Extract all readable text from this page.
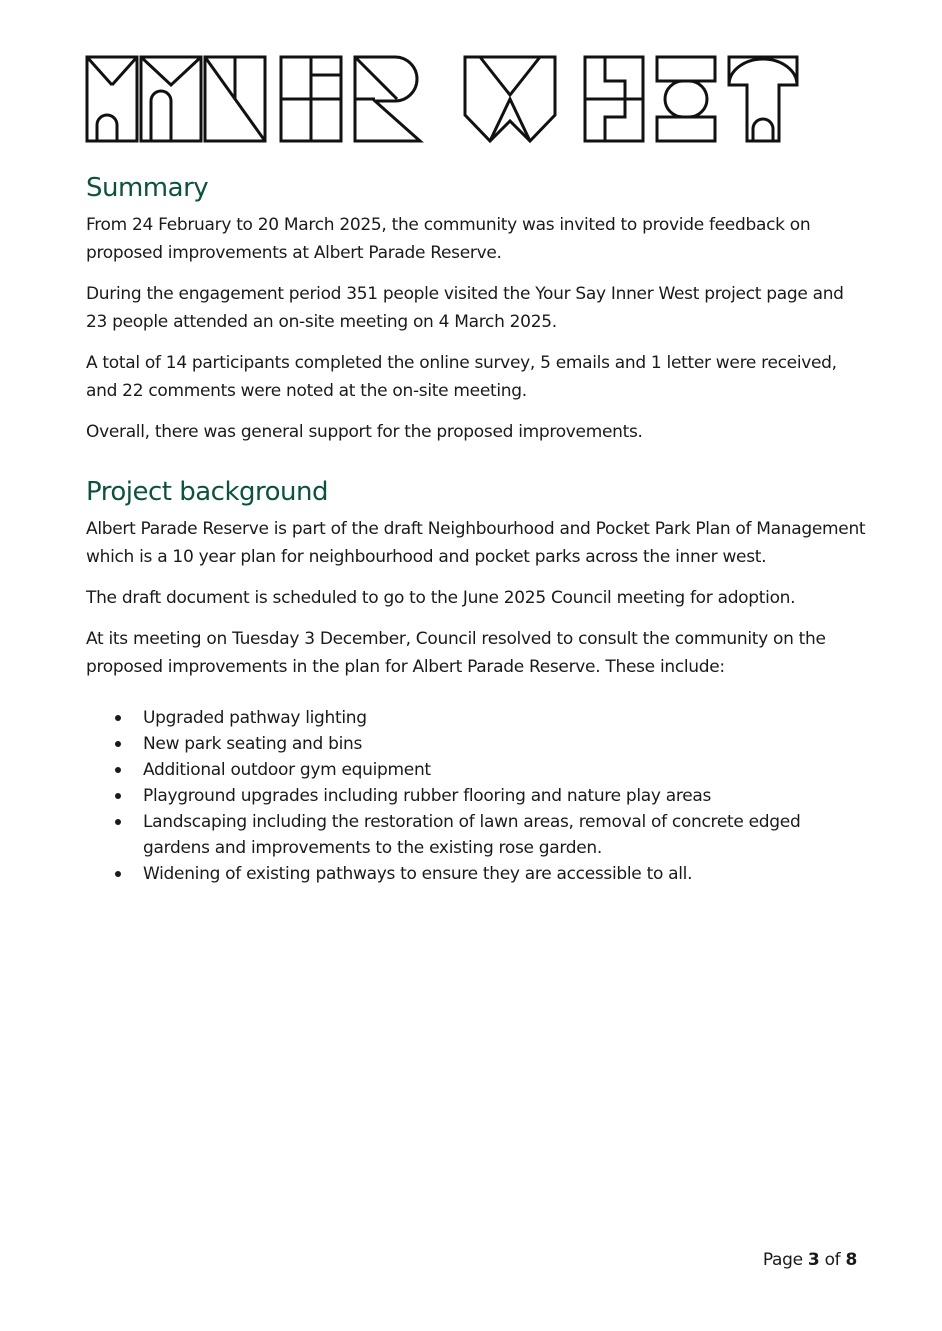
Summary

From 24 February to 20 March 2025, the community was invited to provide feedback on proposed improvements at Albert Parade Reserve.

During the engagement period 351 people visited the Your Say Inner West project page and 23 people attended an on-site meeting on 4 March 2025.

A total of 14 participants completed the online survey, 5 emails and 1 letter were received, and 22 comments were noted at the on-site meeting.

Overall, there was general support for the proposed improvements.

Project background

Albert Parade Reserve is part of the draft Neighbourhood and Pocket Park Plan of Management which is a 10 year plan for neighbourhood and pocket parks across the inner west.

The draft document is scheduled to go to the June 2025 Council meeting for adoption.

At its meeting on Tuesday 3 December, Council resolved to consult the community on the proposed improvements in the plan for Albert Parade Reserve. These include:

Upgraded pathway lighting
New park seating and bins
Additional outdoor gym equipment
Playground upgrades including rubber flooring and nature play areas
Landscaping including the restoration of lawn areas, removal of concrete edged gardens and improvements to the existing rose garden.
Widening of existing pathways to ensure they are accessible to all.
Page 3 of 8
